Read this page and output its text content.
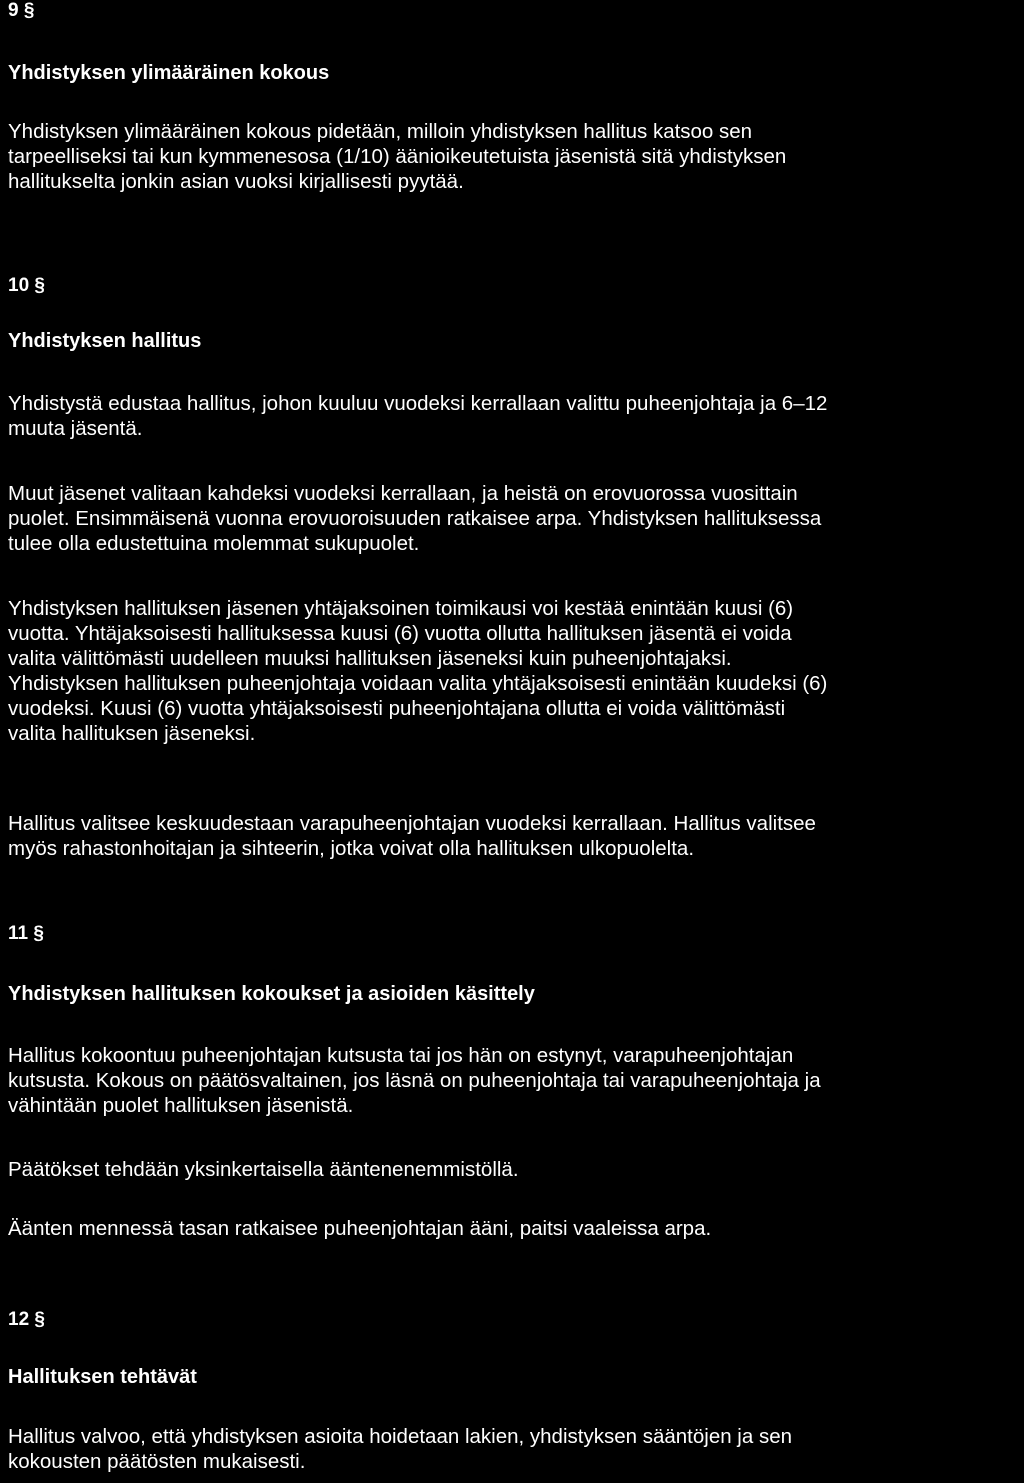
9 §
Yhdistyksen ylimääräinen kokous
Yhdistyksen ylimääräinen kokous pidetään, milloin yhdistyksen hallitus katsoo sen
tarpeelliseksi tai kun kymmenesosa (1/10) äänioikeutetuista jäsenistä sitä yhdistyksen
hallitukselta jonkin asian vuoksi kirjallisesti pyytää.
10 §
Yhdistyksen hallitus
Yhdistystä edustaa hallitus, johon kuuluu vuodeksi kerrallaan valittu puheenjohtaja ja 6–12
muuta jäsentä.
Muut jäsenet valitaan kahdeksi vuodeksi kerrallaan, ja heistä on erovuorossa vuosittain
puolet. Ensimmäisenä vuonna erovuoroisuuden ratkaisee arpa. Yhdistyksen hallituksessa
tulee olla edustettuina molemmat sukupuolet.
Yhdistyksen hallituksen jäsenen yhtäjaksoinen toimikausi voi kestää enintään kuusi (6)
vuotta. Yhtäjaksoisesti hallituksessa kuusi (6) vuotta ollutta hallituksen jäsentä ei voida
valita välittömästi uudelleen muuksi hallituksen jäseneksi kuin puheenjohtajaksi.
Yhdistyksen hallituksen puheenjohtaja voidaan valita yhtäjaksoisesti enintään kuudeksi (6)
vuodeksi. Kuusi (6) vuotta yhtäjaksoisesti puheenjohtajana ollutta ei voida välittömästi
valita hallituksen jäseneksi.
Hallitus valitsee keskuudestaan varapuheenjohtajan vuodeksi kerrallaan. Hallitus valitsee
myös rahastonhoitajan ja sihteerin, jotka voivat olla hallituksen ulkopuolelta.
11 §
Yhdistyksen hallituksen kokoukset ja asioiden käsittely
Hallitus kokoontuu puheenjohtajan kutsusta tai jos hän on estynyt, varapuheenjohtajan
kutsusta. Kokous on päätösvaltainen, jos läsnä on puheenjohtaja tai varapuheenjohtaja ja
vähintään puolet hallituksen jäsenistä.
Päätökset tehdään yksinkertaisella ääntenenemmistöllä.
Äänten mennessä tasan ratkaisee puheenjohtajan ääni, paitsi vaaleissa arpa.
12 §
Hallituksen tehtävät
Hallitus valvoo, että yhdistyksen asioita hoidetaan lakien, yhdistyksen sääntöjen ja sen
kokousten päätösten mukaisesti.
